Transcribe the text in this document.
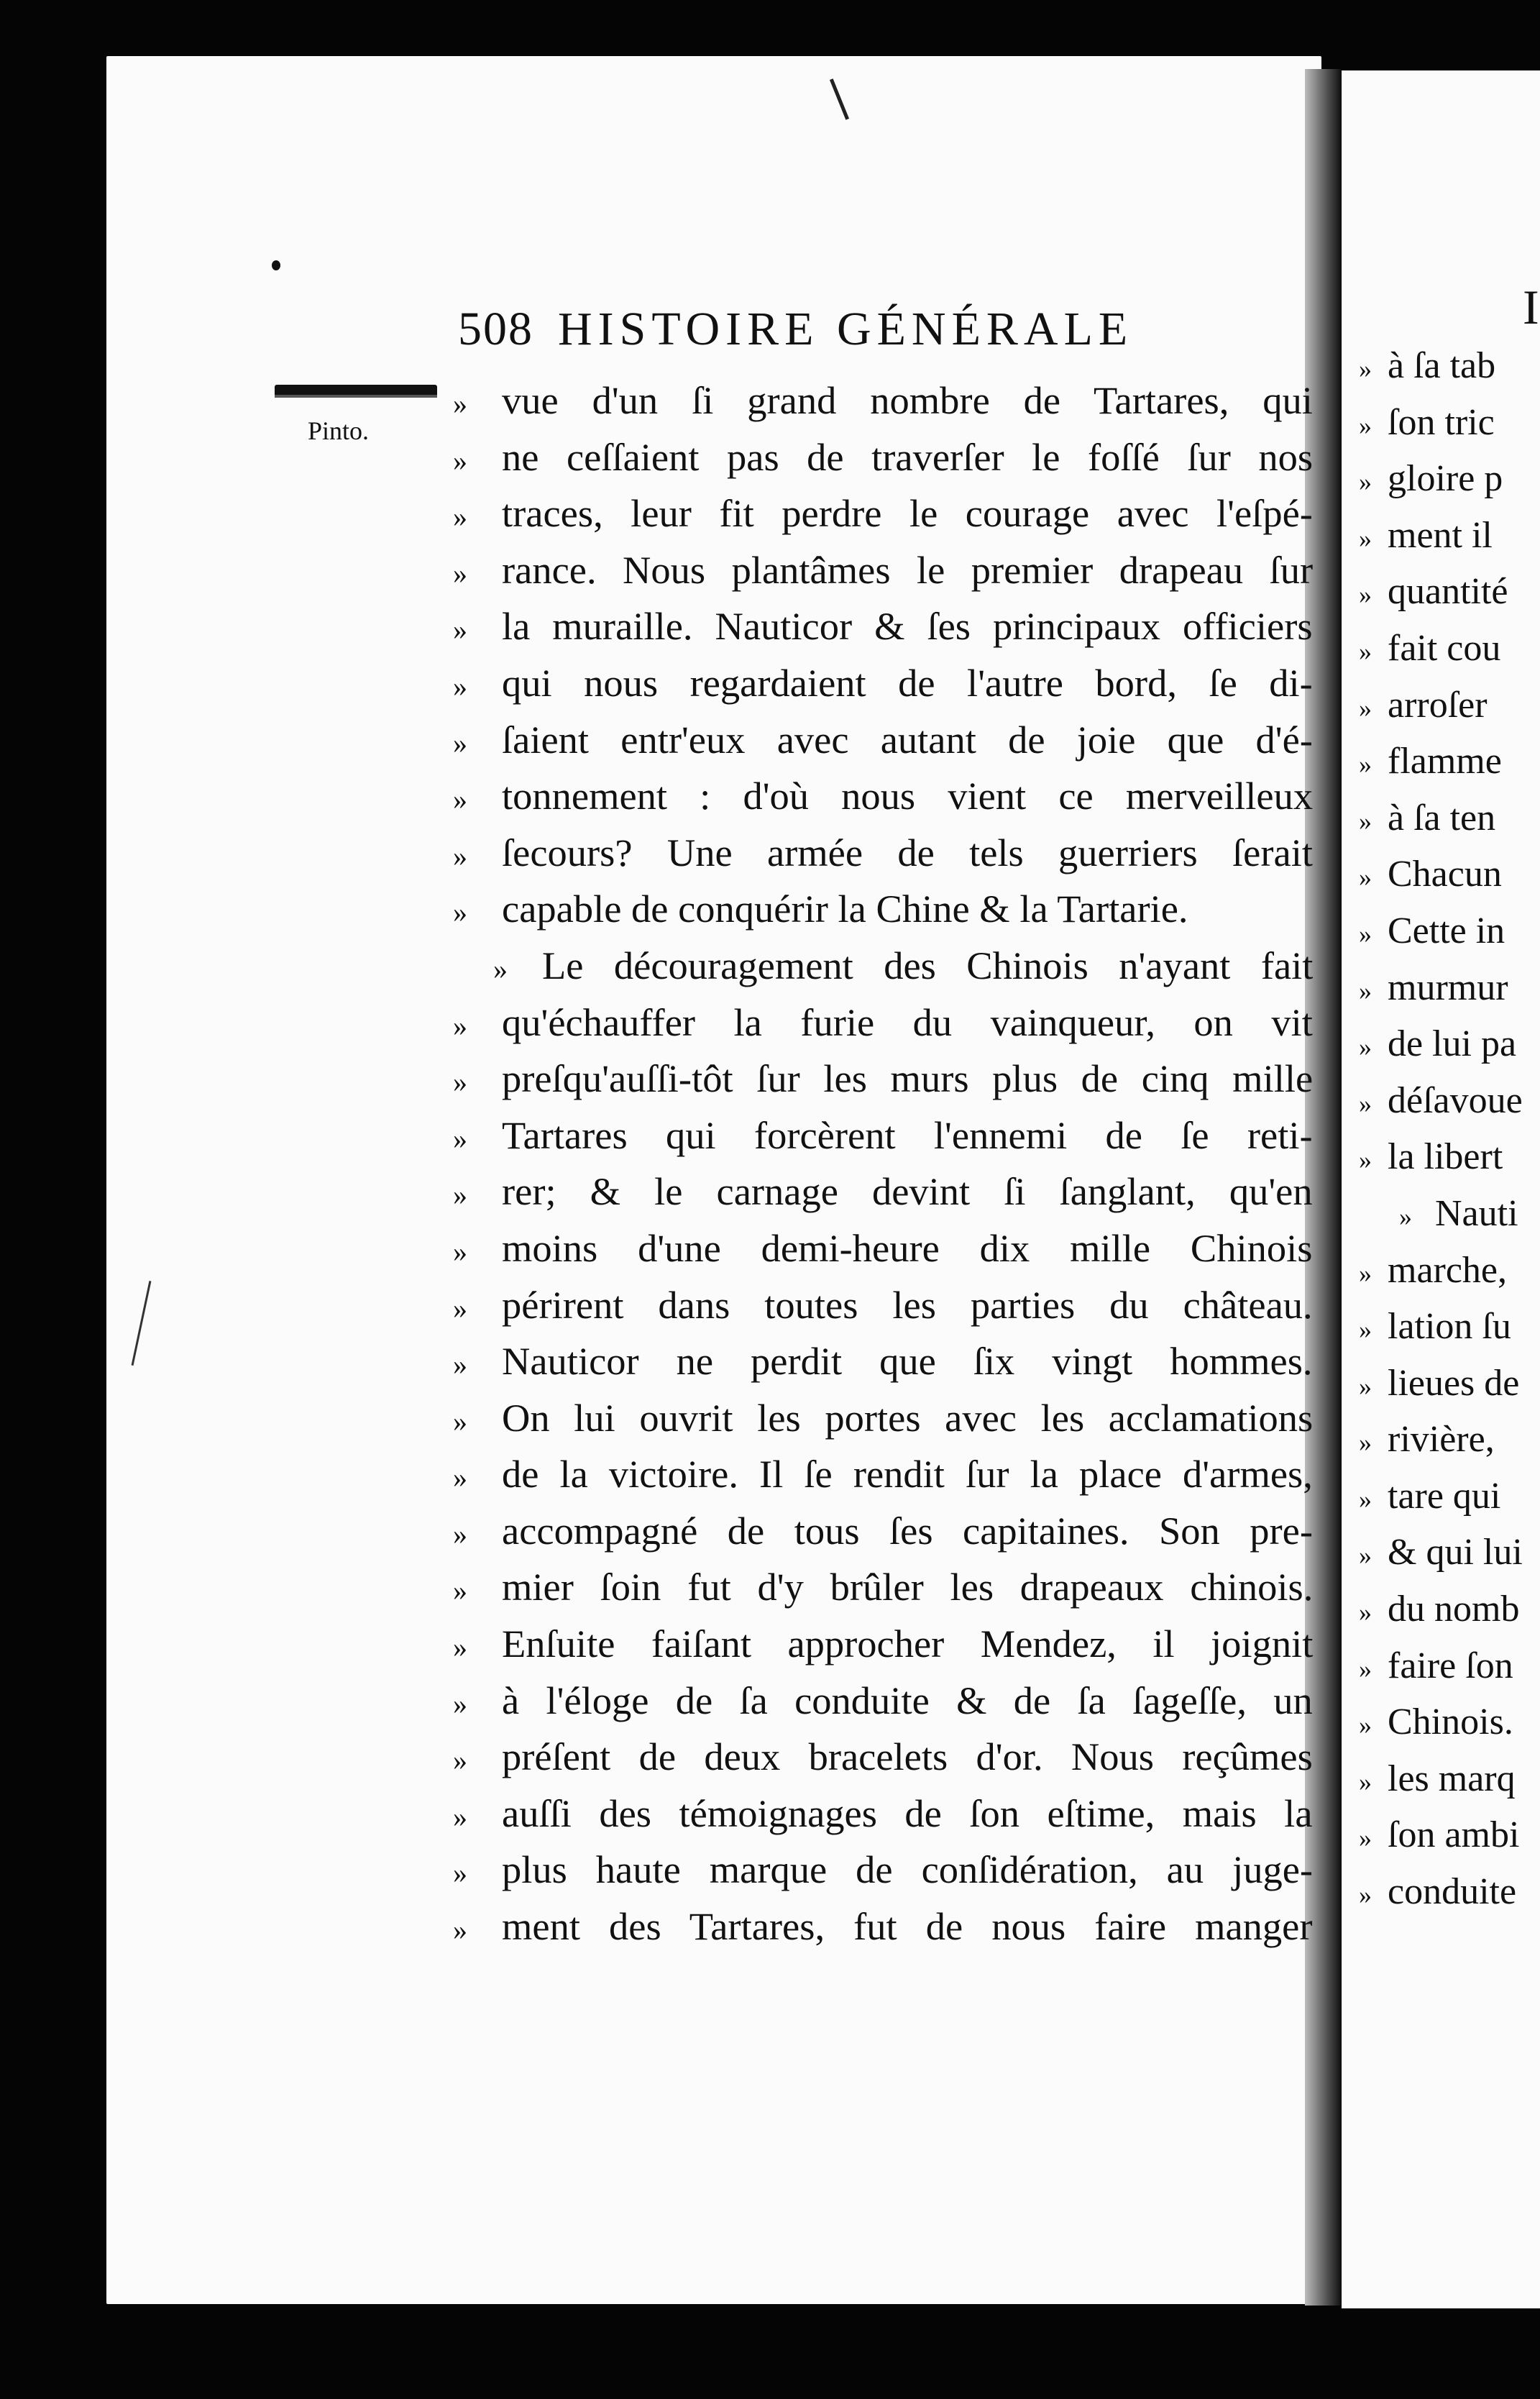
508 HISTOIRE GÉNÉRALE	I
Pinto.
» vue d'un ſi grand nombre de Tartares, qui
» ne ceſſaient pas de traverſer le foſſé ſur nos
» traces, leur fit perdre le courage avec l'eſpé-
» rance. Nous plantâmes le premier drapeau ſur
» la muraille. Nauticor & ſes principaux officiers
» qui nous regardaient de l'autre bord, ſe di-
» ſaient entr'eux avec autant de joie que d'é-
» tonnement : d'où nous vient ce merveilleux
» ſecours? Une armée de tels guerriers ſerait
» capable de conquérir la Chine & la Tartarie.
» Le découragement des Chinois n'ayant fait
» qu'échauffer la furie du vainqueur, on vit
» preſqu'auſſi-tôt ſur les murs plus de cinq mille
» Tartares qui forcèrent l'ennemi de ſe reti-
» rer; & le carnage devint ſi ſanglant, qu'en
» moins d'une demi-heure dix mille Chinois
» périrent dans toutes les parties du château.
» Nauticor ne perdit que ſix vingt hommes.
» On lui ouvrit les portes avec les acclamations
» de la victoire. Il ſe rendit ſur la place d'armes,
» accompagné de tous ſes capitaines. Son pre-
» mier ſoin fut d'y brûler les drapeaux chinois.
» Enſuite faiſant approcher Mendez, il joignit
» à l'éloge de ſa conduite & de ſa ſageſſe, un
» préſent de deux bracelets d'or. Nous reçûmes
» auſſi des témoignages de ſon eſtime, mais la
» plus haute marque de conſidération, au juge-
» ment des Tartares, fut de nous faire manger
» à ſa tab
» ſon tric
» gloire p
» ment il
» quantité
» fait cou
» arroſer
» flamme
» à ſa ten
» Chacun
» Cette in
» murmur
» de lui pa
» déſavoue
» la libert
» Nauti
» marche,
» lation ſu
» lieues de
» rivière,
» tare qui
» & qui lui
» du nomb
» faire ſon
» Chinois.
» les marq
» ſon ambi
» conduite
